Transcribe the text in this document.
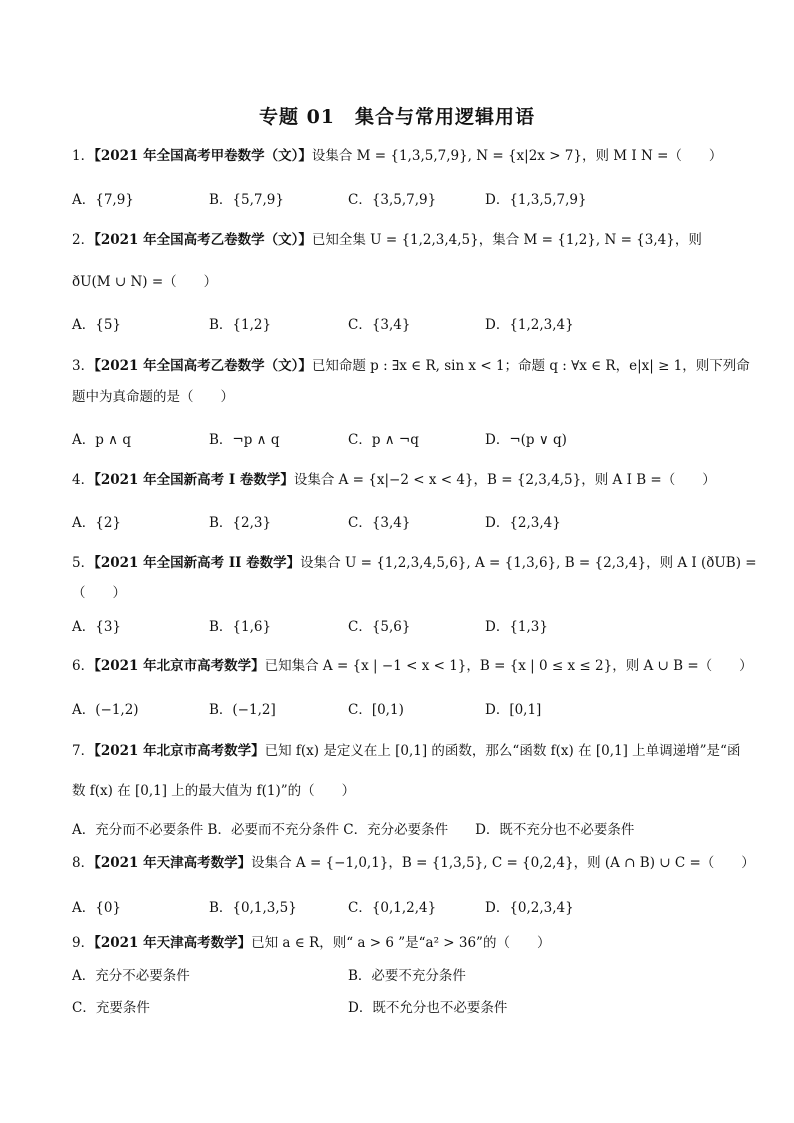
专题 01　集合与常用逻辑用语
1．【2021 年全国高考甲卷数学（文）】设集合 M = {1,3,5,7,9}, N = {x|2x > 7}，则 M I N =（　　）
A．{7,9}	B．{5,7,9}	C．{3,5,7,9}	D．{1,3,5,7,9}
2．【2021 年全国高考乙卷数学（文）】已知全集 U = {1,2,3,4,5}，集合 M = {1,2}, N = {3,4}，则
ðU(M ∪ N) =（　　）
A．{5}	B．{1,2}	C．{3,4}	D．{1,2,3,4}
3．【2021 年全国高考乙卷数学（文）】已知命题 p : ∃x ∈ R, sin x < 1；命题 q : ∀x ∈ R，e|x| ≥ 1，则下列命
题中为真命题的是（　　）
A．p ∧ q	B．¬p ∧ q	C．p ∧ ¬q	D．¬(p ∨ q)
4．【2021 年全国新高考 I 卷数学】设集合 A = {x|−2 < x < 4}，B = {2,3,4,5}，则 A I B =（　　）
A．{2}	B．{2,3}	C．{3,4}	D．{2,3,4}
5．【2021 年全国新高考 II 卷数学】设集合 U = {1,2,3,4,5,6}, A = {1,3,6}, B = {2,3,4}，则 A I (ðUB) =
（　　）
A．{3}	B．{1,6}	C．{5,6}	D．{1,3}
6．【2021 年北京市高考数学】已知集合 A = {x | −1 < x < 1}，B = {x | 0 ≤ x ≤ 2}，则 A ∪ B =（　　）
A．(−1,2)	B．(−1,2]	C．[0,1)	D．[0,1]
7．【2021 年北京市高考数学】已知 f(x) 是定义在上 [0,1] 的函数，那么“函数 f(x) 在 [0,1] 上单调递增”是“函
数 f(x) 在 [0,1] 上的最大值为 f(1)”的（　　）
A．充分而不必要条件 B．必要而不充分条件 C．充分必要条件　　D．既不充分也不必要条件
8．【2021 年天津高考数学】设集合 A = {−1,0,1}，B = {1,3,5}, C = {0,2,4}，则 (A ∩ B) ∪ C =（　　）
A．{0}	B．{0,1,3,5}	C．{0,1,2,4}	D．{0,2,3,4}
9．【2021 年天津高考数学】已知 a ∈ R，则“ a > 6 ”是“a² > 36”的（　　）
A．充分不必要条件	B．必要不充分条件
C．充要条件	D．既不允分也不必要条件
